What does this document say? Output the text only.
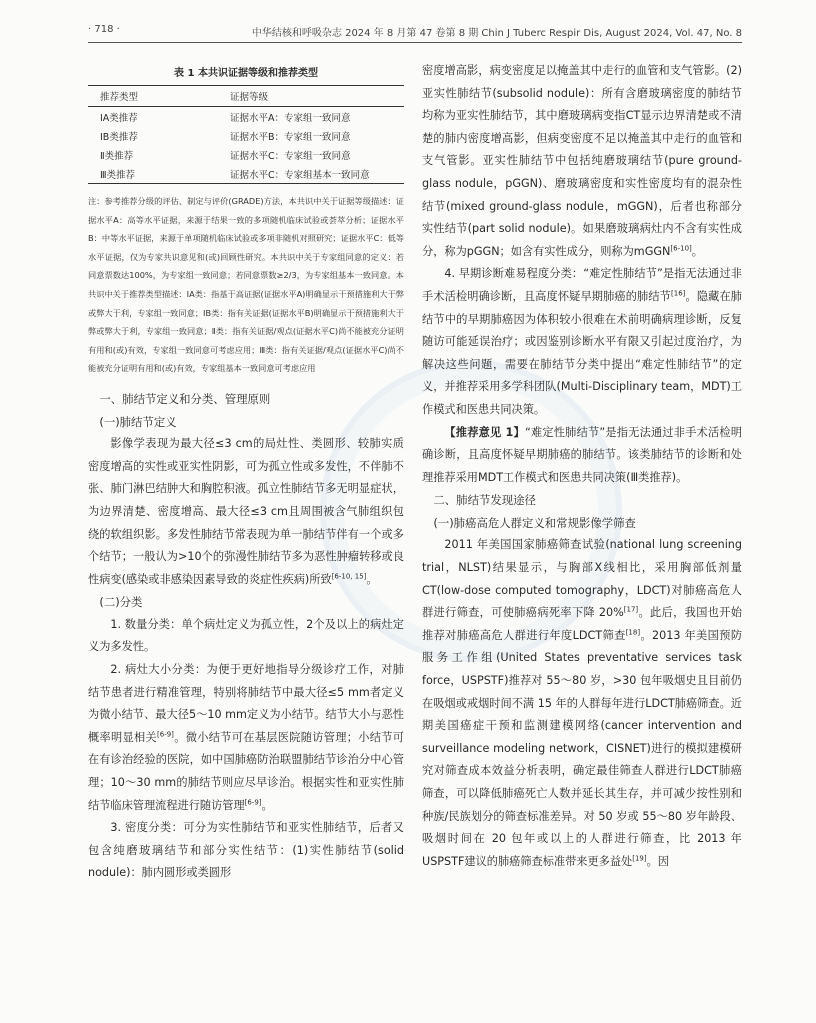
· 718 ·	中华结核和呼吸杂志 2024 年 8 月第 47 卷第 8 期 Chin J Tuberc Respir Dis, August 2024, Vol. 47, No. 8
表 1 本共识证据等级和推荐类型
推荐类型	证据等级
ⅠA类推荐	证据水平A：专家组一致同意
ⅠB类推荐	证据水平B：专家组一致同意
Ⅱ类推荐	证据水平C：专家组一致同意
Ⅲ类推荐	证据水平C：专家组基本一致同意

注：参考推荐分级的评估、制定与评价(GRADE)方法，本共识中关于证据等级描述：证据水平A：高等水平证据，来源于结果一致的多项随机临床试验或荟萃分析；证据水平B：中等水平证据，来源于单项随机临床试验或多项非随机对照研究；证据水平C：低等水平证据，仅为专家共识意见和(或)回顾性研究。本共识中关于专家组同意的定义：若同意票数达100%，为专家组一致同意；若同意票数≥2/3，为专家组基本一致同意。本共识中关于推荐类型描述：ⅠA类：指基于高证据(证据水平A)明确显示干预措施利大于弊或弊大于利，专家组一致同意；ⅠB类：指有关证据(证据水平B)明确显示干预措施利大于弊或弊大于利，专家组一致同意；Ⅱ类：指有关证据/观点(证据水平C)尚不能被充分证明有用和(或)有效，专家组一致同意可考虑应用；Ⅲ类：指有关证据/观点(证据水平C)尚不能被充分证明有用和(或)有效，专家组基本一致同意可考虑应用

一、肺结节定义和分类、管理原则
(一)肺结节定义

影像学表现为最大径≤3 cm的局灶性、类圆形、较肺实质密度增高的实性或亚实性阴影，可为孤立性或多发性，不伴肺不张、肺门淋巴结肿大和胸腔积液。孤立性肺结节多无明显症状，为边界清楚、密度增高、最大径≤3 cm且周围被含气肺组织包绕的软组织影。多发性肺结节常表现为单一肺结节伴有一个或多个结节；一般认为>10个的弥漫性肺结节多为恶性肿瘤转移或良性病变(感染或非感染因素导致的炎症性疾病)所致[6-10, 15]。

(二)分类

1. 数量分类：单个病灶定义为孤立性，2个及以上的病灶定义为多发性。

2. 病灶大小分类：为便于更好地指导分级诊疗工作，对肺结节患者进行精准管理，特别将肺结节中最大径≤5 mm者定义为微小结节、最大径5～10 mm定义为小结节。结节大小与恶性概率明显相关[6-9]。微小结节可在基层医院随访管理；小结节可在有诊治经验的医院，如中国肺癌防治联盟肺结节诊治分中心管理；10～30 mm的肺结节则应尽早诊治。根据实性和亚实性肺结节临床管理流程进行随访管理[6-9]。

3. 密度分类：可分为实性肺结节和亚实性肺结节，后者又包含纯磨玻璃结节和部分实性结节：(1)实性肺结节(solid nodule)：肺内圆形或类圆形

密度增高影，病变密度足以掩盖其中走行的血管和支气管影。(2)亚实性肺结节(subsolid nodule)：所有含磨玻璃密度的肺结节均称为亚实性肺结节，其中磨玻璃病变指CT显示边界清楚或不清楚的肺内密度增高影，但病变密度不足以掩盖其中走行的血管和支气管影。亚实性肺结节中包括纯磨玻璃结节(pure ground-glass nodule，pGGN)、磨玻璃密度和实性密度均有的混杂性结节(mixed ground-glass nodule，mGGN)，后者也称部分实性结节(part solid nodule)。如果磨玻璃病灶内不含有实性成分，称为pGGN；如含有实性成分，则称为mGGN[6-10]。

4. 早期诊断难易程度分类：“难定性肺结节”是指无法通过非手术活检明确诊断，且高度怀疑早期肺癌的肺结节[16]。隐藏在肺结节中的早期肺癌因为体积较小很难在术前明确病理诊断，反复随访可能延误治疗；或因鉴别诊断水平有限又引起过度治疗，为解决这些问题，需要在肺结节分类中提出“难定性肺结节”的定义，并推荐采用多学科团队(Multi-Disciplinary team，MDT)工作模式和医患共同决策。

【推荐意见 1】“难定性肺结节”是指无法通过非手术活检明确诊断，且高度怀疑早期肺癌的肺结节。该类肺结节的诊断和处理推荐采用MDT工作模式和医患共同决策(Ⅲ类推荐)。

二、肺结节发现途径
(一)肺癌高危人群定义和常规影像学筛查

2011 年美国国家肺癌筛查试验(national lung screening trial，NLST)结果显示，与胸部X线相比，采用胸部低剂量CT(low-dose computed tomography，LDCT)对肺癌高危人群进行筛查，可使肺癌病死率下降 20%[17]。此后，我国也开始推荐对肺癌高危人群进行年度LDCT筛查[18]。2013 年美国预防服务工作组(United States preventative services task force，USPSTF)推荐对 55～80 岁，>30 包年吸烟史且目前仍在吸烟或戒烟时间不满 15 年的人群每年进行LDCT肺癌筛查。近期美国癌症干预和监测建模网络(cancer intervention and surveillance modeling network，CISNET)进行的模拟建模研究对筛查成本效益分析表明，确定最佳筛查人群进行LDCT肺癌筛查，可以降低肺癌死亡人数并延长其生存，并可减少按性别和种族/民族划分的筛查标准差异。对 50 岁或 55～80 岁年龄段、吸烟时间在 20 包年或以上的人群进行筛查，比 2013 年USPSTF建议的肺癌筛查标准带来更多益处[19]。因
